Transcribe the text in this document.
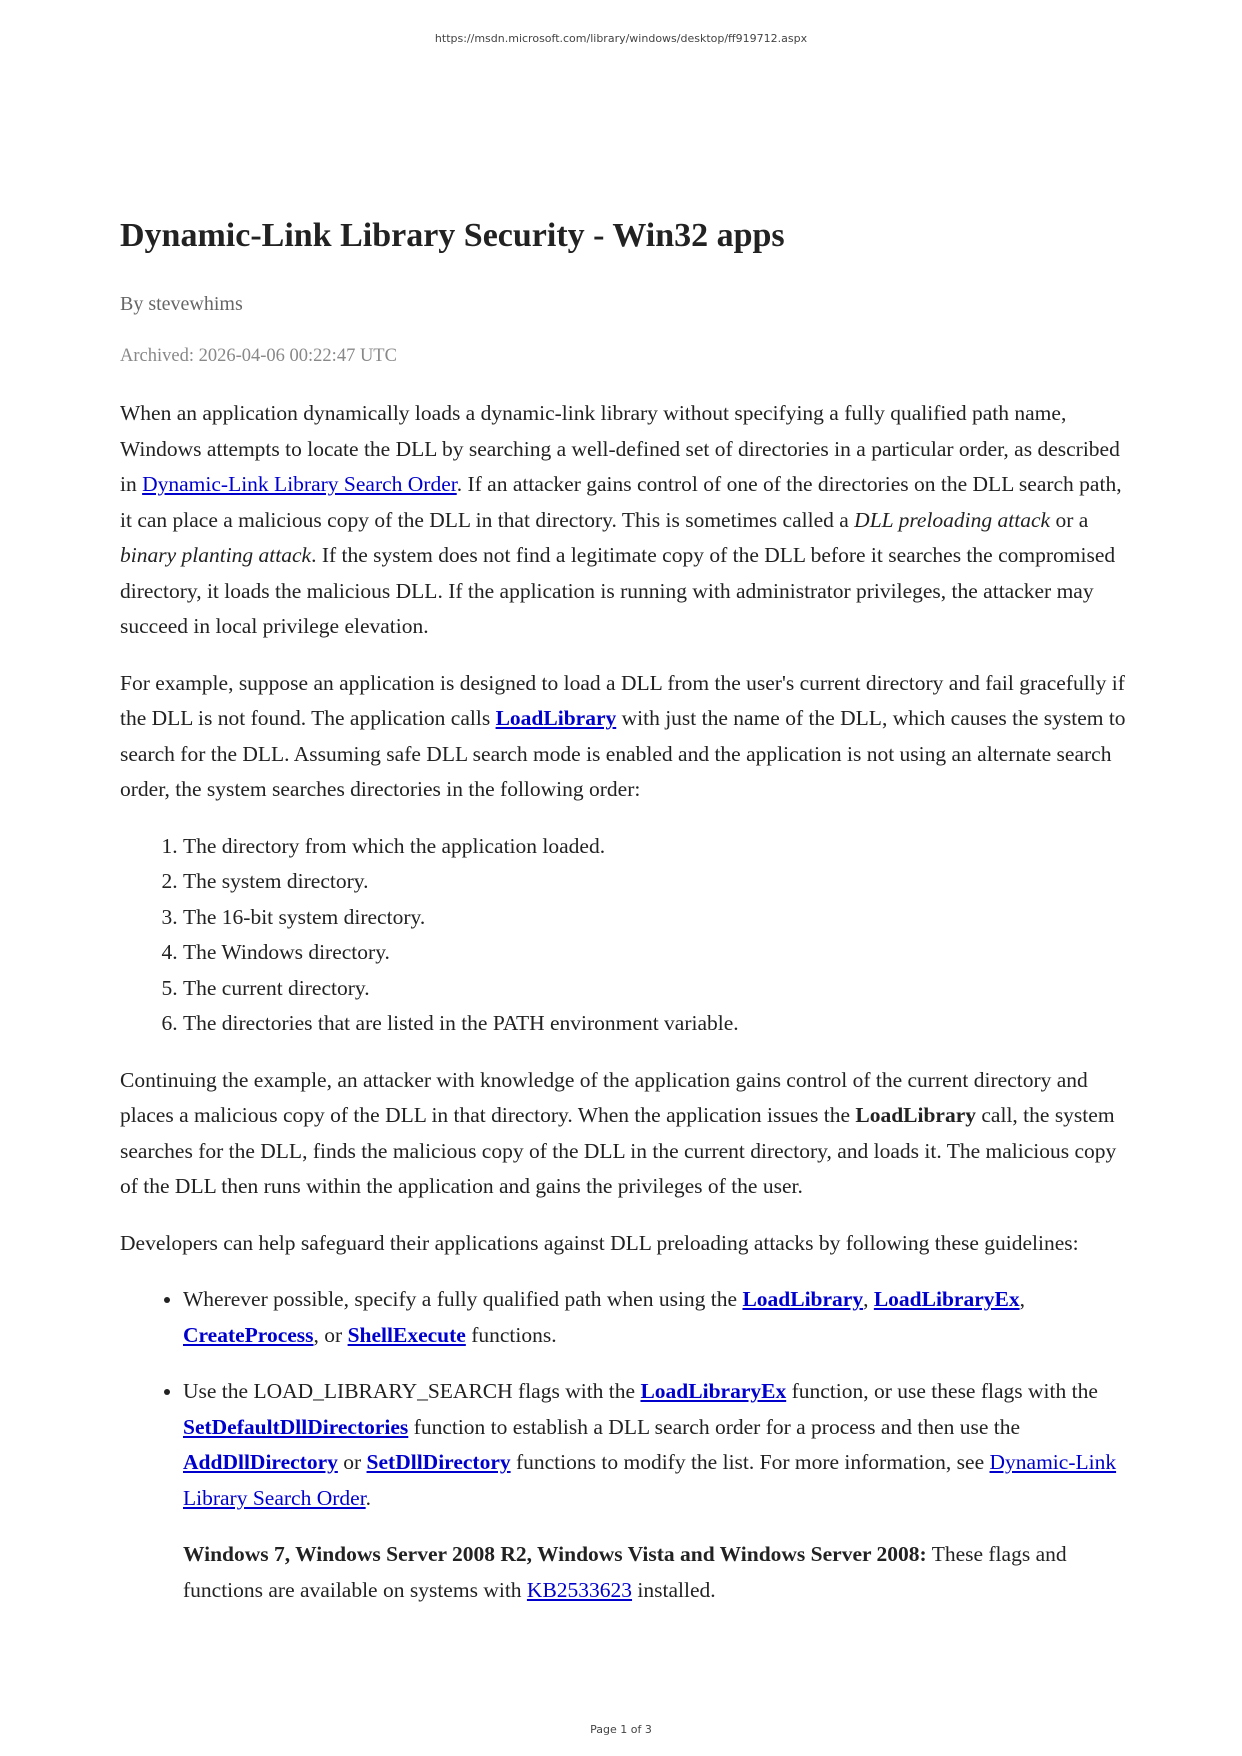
https://msdn.microsoft.com/library/windows/desktop/ff919712.aspx
Dynamic-Link Library Security - Win32 apps
By stevewhims
Archived: 2026-04-06 00:22:47 UTC

When an application dynamically loads a dynamic-link library without specifying a fully qualified path name, Windows attempts to locate the DLL by searching a well-defined set of directories in a particular order, as described in Dynamic-Link Library Search Order. If an attacker gains control of one of the directories on the DLL search path, it can place a malicious copy of the DLL in that directory. This is sometimes called a DLL preloading attack or a binary planting attack. If the system does not find a legitimate copy of the DLL before it searches the compromised directory, it loads the malicious DLL. If the application is running with administrator privileges, the attacker may succeed in local privilege elevation.

For example, suppose an application is designed to load a DLL from the user's current directory and fail gracefully if the DLL is not found. The application calls LoadLibrary with just the name of the DLL, which causes the system to search for the DLL. Assuming safe DLL search mode is enabled and the application is not using an alternate search order, the system searches directories in the following order:

1. The directory from which the application loaded.
2. The system directory.
3. The 16-bit system directory.
4. The Windows directory.
5. The current directory.
6. The directories that are listed in the PATH environment variable.

Continuing the example, an attacker with knowledge of the application gains control of the current directory and places a malicious copy of the DLL in that directory. When the application issues the LoadLibrary call, the system searches for the DLL, finds the malicious copy of the DLL in the current directory, and loads it. The malicious copy of the DLL then runs within the application and gains the privileges of the user.

Developers can help safeguard their applications against DLL preloading attacks by following these guidelines:

• Wherever possible, specify a fully qualified path when using the LoadLibrary, LoadLibraryEx, CreateProcess, or ShellExecute functions.
• Use the LOAD_LIBRARY_SEARCH flags with the LoadLibraryEx function, or use these flags with the SetDefaultDllDirectories function to establish a DLL search order for a process and then use the AddDllDirectory or SetDllDirectory functions to modify the list. For more information, see Dynamic-Link Library Search Order.

Windows 7, Windows Server 2008 R2, Windows Vista and Windows Server 2008: These flags and functions are available on systems with KB2533623 installed.

Page 1 of 3
